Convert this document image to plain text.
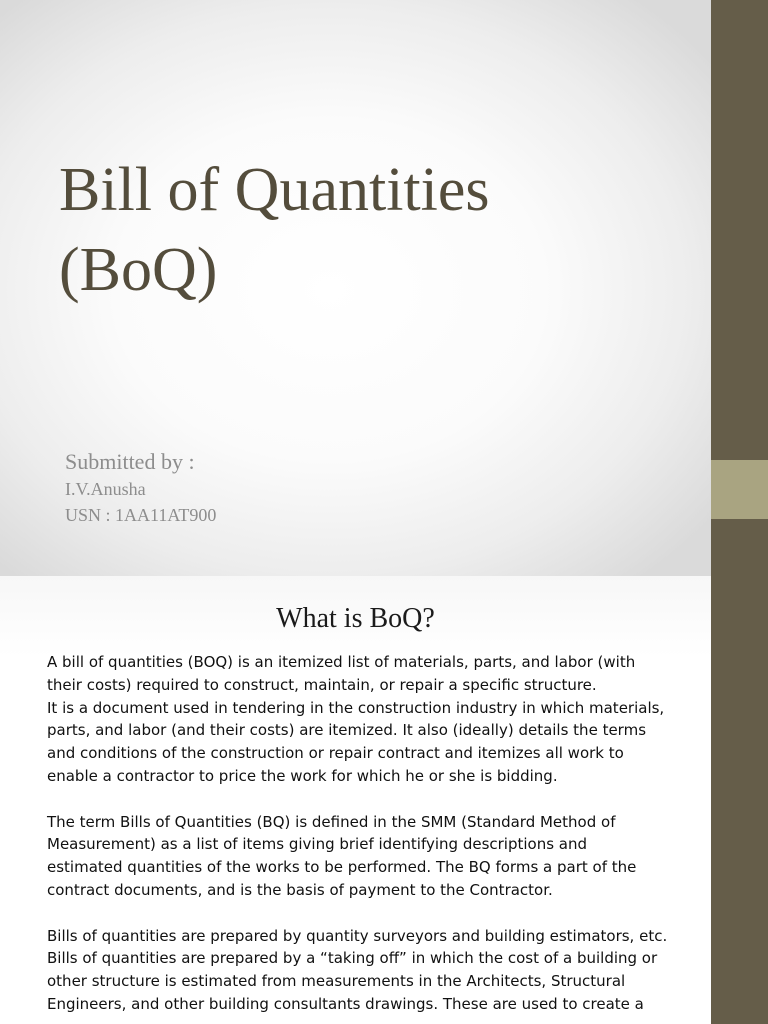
Bill of Quantities
(BoQ)
Submitted by :
I.V.Anusha
USN : 1AA11AT900
What is BoQ?

A bill of quantities (BOQ) is an itemized list of materials, parts, and labor (with
their costs) required to construct, maintain, or repair a specific structure.
It is a document used in tendering in the construction industry in which materials,
parts, and labor (and their costs) are itemized. It also (ideally) details the terms
and conditions of the construction or repair contract and itemizes all work to
enable a contractor to price the work for which he or she is bidding.

The term Bills of Quantities (BQ) is defined in the SMM (Standard Method of
Measurement) as a list of items giving brief identifying descriptions and
estimated quantities of the works to be performed. The BQ forms a part of the
contract documents, and is the basis of payment to the Contractor.

Bills of quantities are prepared by quantity surveyors and building estimators, etc.
Bills of quantities are prepared by a “taking off” in which the cost of a building or
other structure is estimated from measurements in the Architects, Structural
Engineers, and other building consultants drawings. These are used to create a
